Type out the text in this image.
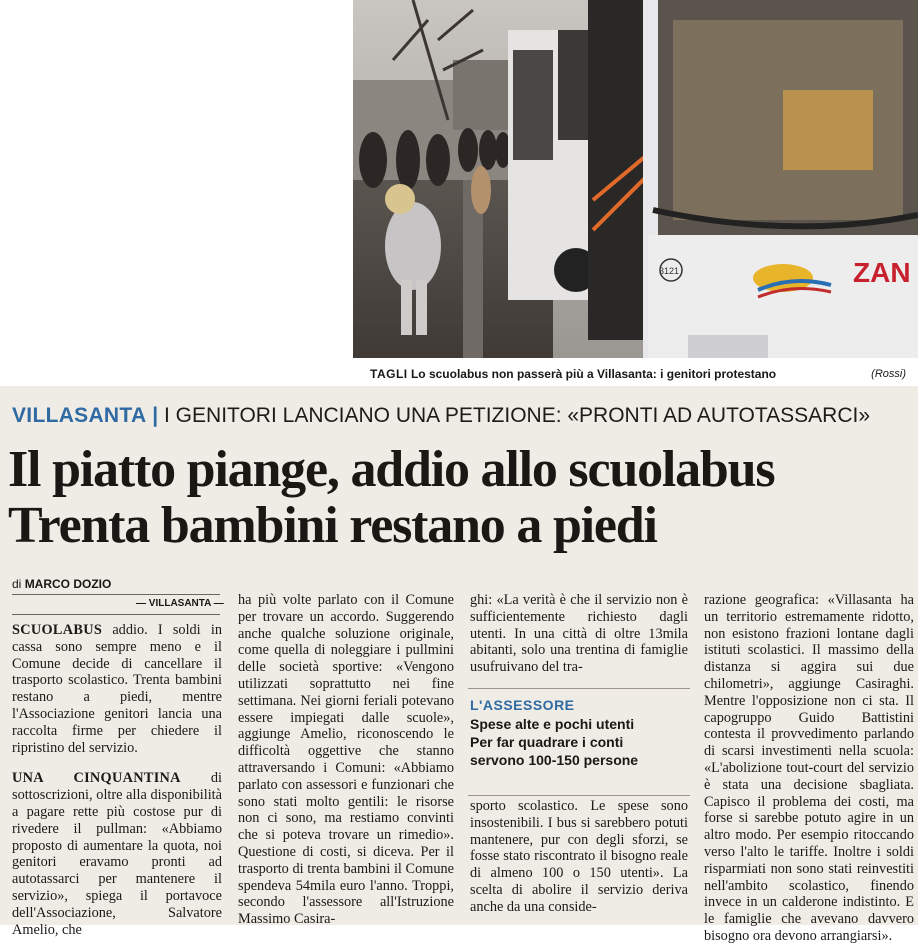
3121	ZAN
TAGLI Lo scuolabus non passerà più a Villasanta: i genitori protestano	(Rossi)
VILLASANTA | I GENITORI LANCIANO UNA PETIZIONE: «PRONTI AD AUTOTASSARCI»
Il piatto piange, addio allo scuolabus
Trenta bambini restano a piedi
di MARCO DOZIO
— VILLASANTA —

SCUOLABUS addio. I soldi in cassa sono sempre meno e il Comune decide di cancellare il trasporto scolastico. Trenta bambini restano a piedi, mentre l'Associazione genitori lancia una raccolta firme per chiedere il ripristino del servizio.

UNA CINQUANTINA di sottoscrizioni, oltre alla disponibilità a pagare rette più costose pur di rivedere il pullman: «Abbiamo proposto di aumentare la quota, noi genitori eravamo pronti ad autotassarci per mantenere il servizio», spiega il portavoce dell'Associazione, Salvatore Amelio, che

ha più volte parlato con il Comune per trovare un accordo. Suggerendo anche qualche soluzione originale, come quella di noleggiare i pullmini delle società sportive: «Vengono utilizzati soprattutto nei fine settimana. Nei giorni feriali potevano essere impiegati dalle scuole», aggiunge Amelio, riconoscendo le difficoltà oggettive che stanno attraversando i Comuni: «Abbiamo parlato con assessori e funzionari che sono stati molto gentili: le risorse non ci sono, ma restiamo convinti che si poteva trovare un rimedio». Questione di costi, si diceva. Per il trasporto di trenta bambini il Comune spendeva 54mila euro l'anno. Troppi, secondo l'assessore all'Istruzione Massimo Casira-

ghi: «La verità è che il servizio non è sufficientemente richiesto dagli utenti. In una città di oltre 13mila abitanti, solo una trentina di famiglie usufruivano del tra-

L'ASSESSORE
Spese alte e pochi utenti
Per far quadrare i conti
servono 100-150 persone

sporto scolastico. Le spese sono insostenibili. I bus si sarebbero potuti mantenere, pur con degli sforzi, se fosse stato riscontrato il bisogno reale di almeno 100 o 150 utenti». La scelta di abolire il servizio deriva anche da una conside-

razione geografica: «Villasanta ha un territorio estremamente ridotto, non esistono frazioni lontane dagli istituti scolastici. Il massimo della distanza si aggira sui due chilometri», aggiunge Casiraghi. Mentre l'opposizione non ci sta. Il capogruppo Guido Battistini contesta il provvedimento parlando di scarsi investimenti nella scuola: «L'abolizione tout-court del servizio è stata una decisione sbagliata. Capisco il problema dei costi, ma forse si sarebbe potuto agire in un altro modo. Per esempio ritoccando verso l'alto le tariffe. Inoltre i soldi risparmiati non sono stati reinvestiti nell'ambito scolastico, finendo invece in un calderone indistinto. E le famiglie che avevano davvero bisogno ora devono arrangiarsi».
